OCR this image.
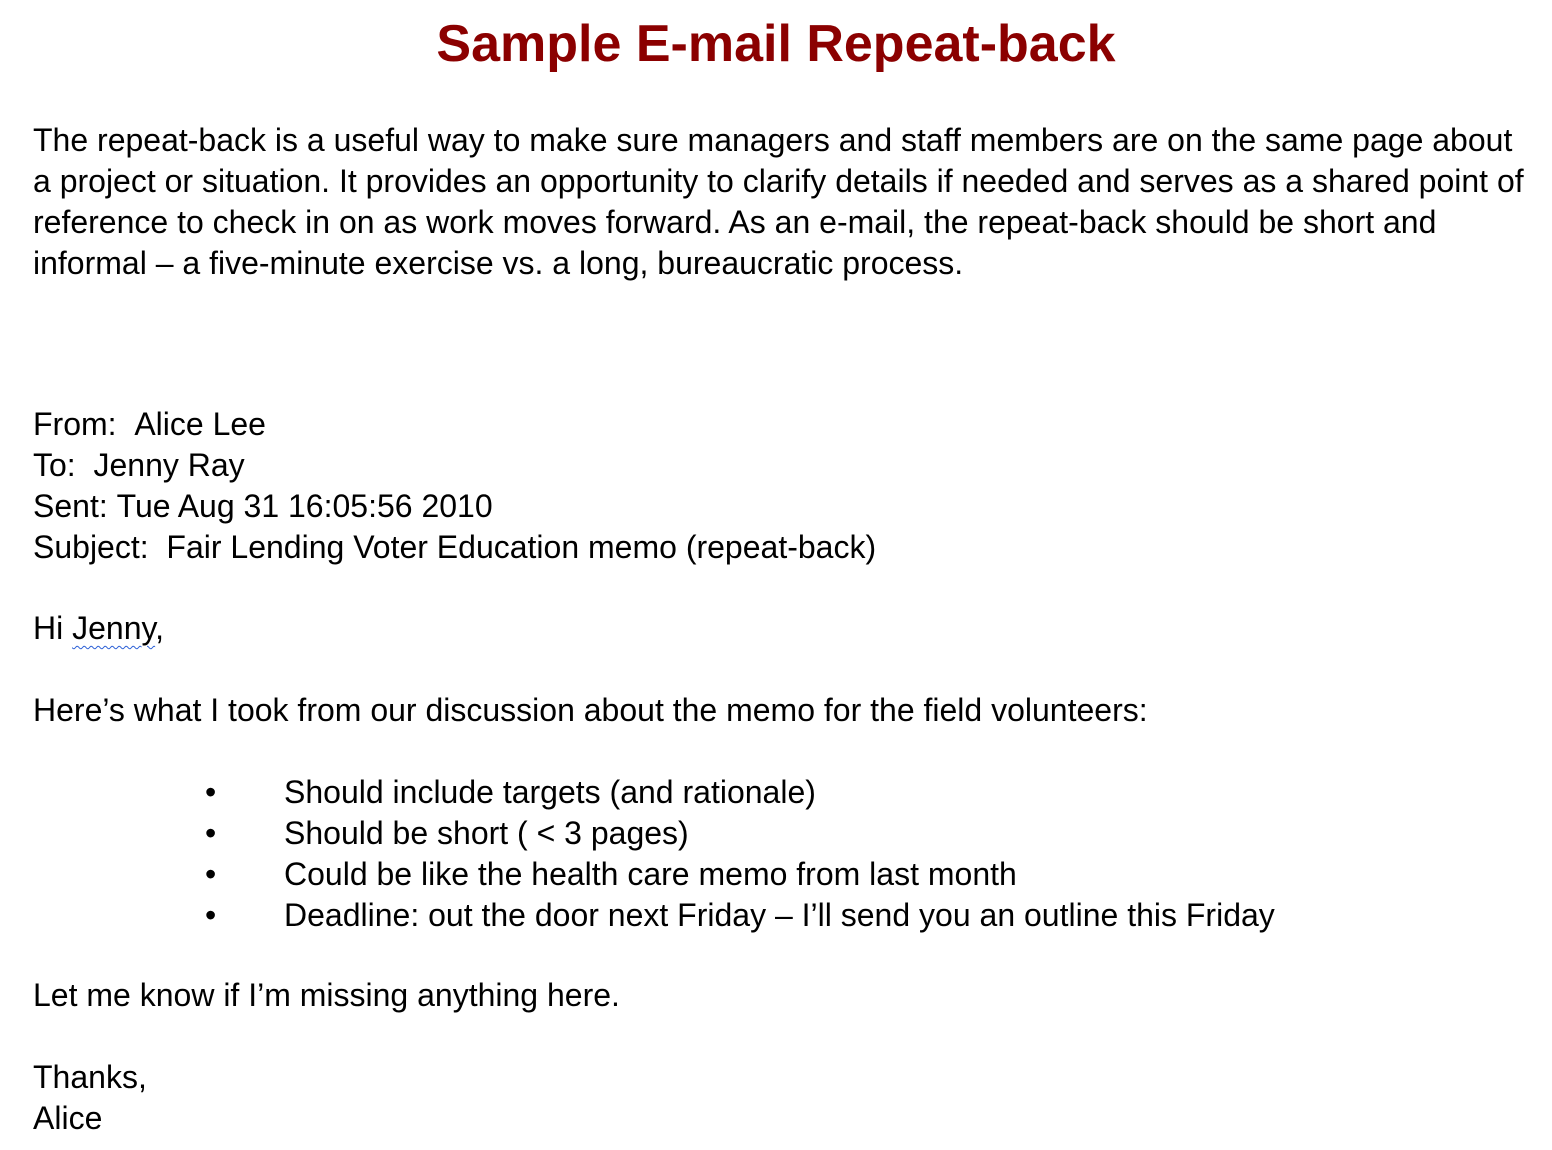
Sample E-mail Repeat-back

The repeat-back is a useful way to make sure managers and staff members are on the same page about a project or situation. It provides an opportunity to clarify details if needed and serves as a shared point of reference to check in on as work moves forward. As an e-mail, the repeat-back should be short and informal – a five-minute exercise vs. a long, bureaucratic process.

From: Alice Lee

To: Jenny Ray

Sent: Tue Aug 31 16:05:56 2010

Subject: Fair Lending Voter Education memo (repeat-back)

Hi Jenny,

Here’s what I took from our discussion about the memo for the field volunteers:

• Should include targets (and rationale)
• Should be short ( < 3 pages)
• Could be like the health care memo from last month
• Deadline: out the door next Friday – I’ll send you an outline this Friday

Let me know if I’m missing anything here.

Thanks,

Alice
